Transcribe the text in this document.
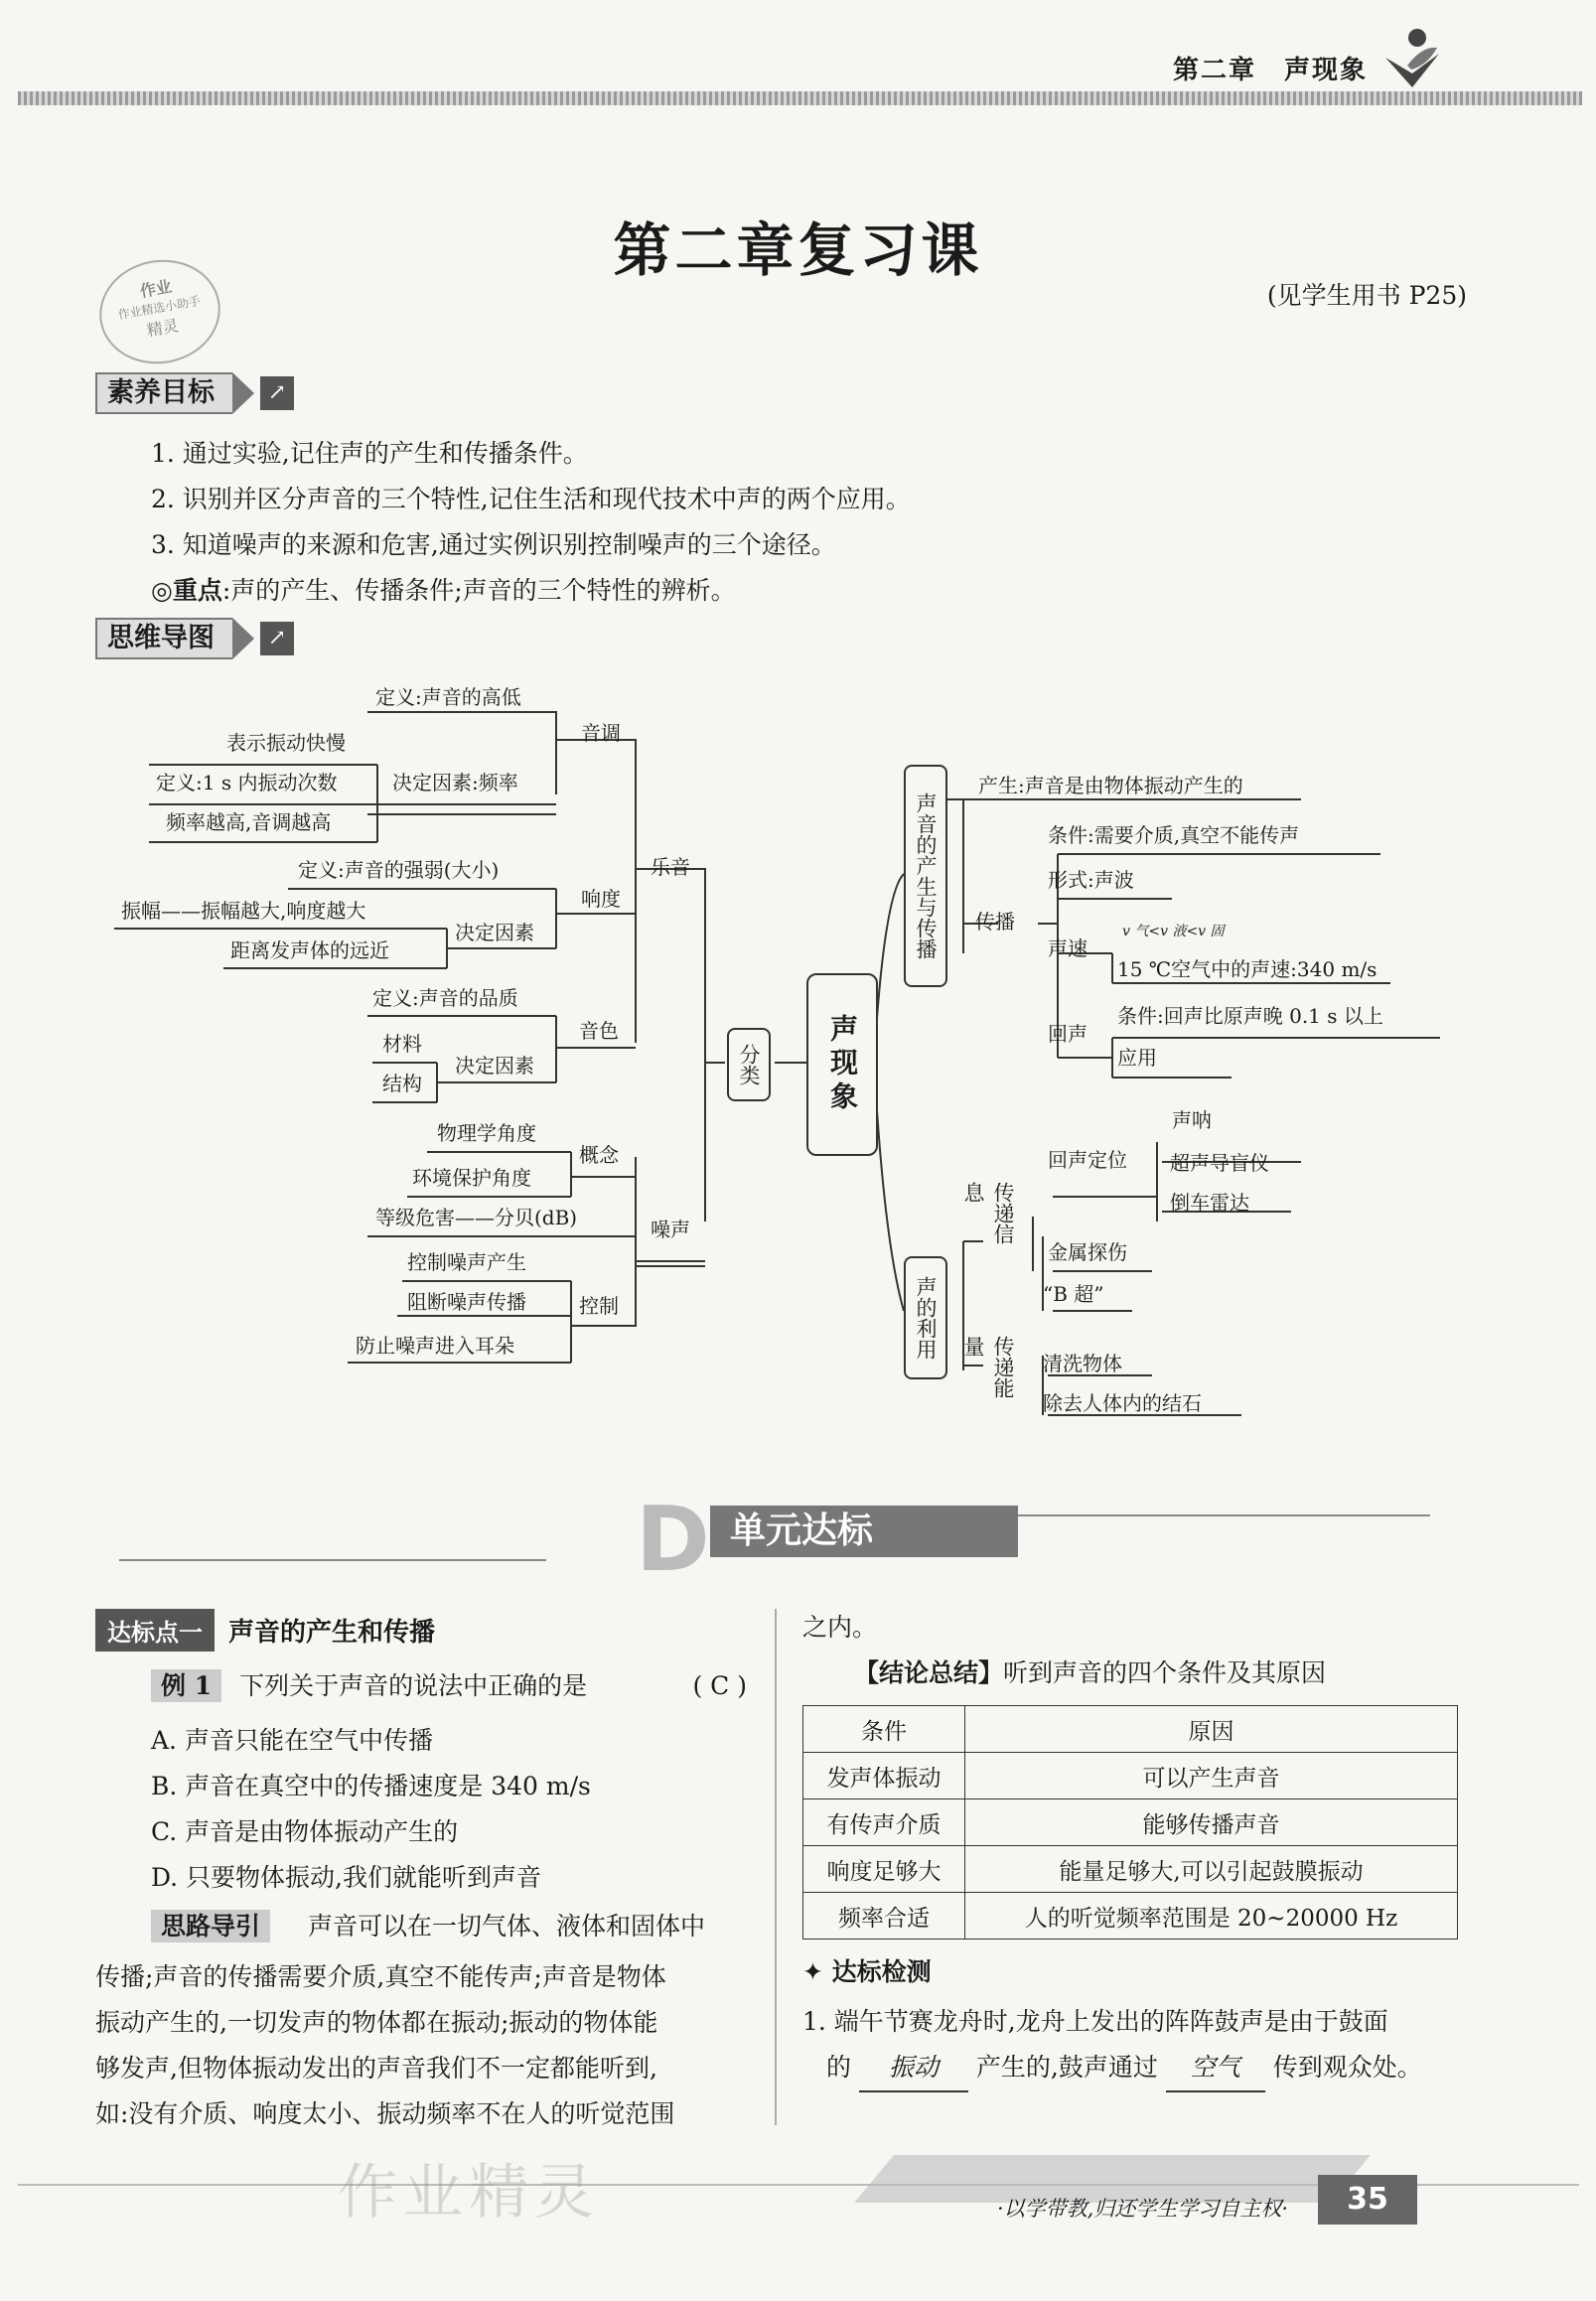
第二章　声现象
第二章复习课
(见学生用书 P25)
作业
作业精选小助手
精灵
素养目标	↗
1. 通过实验,记住声的产生和传播条件。
2. 识别并区分声音的三个特性,记住生活和现代技术中声的两个应用。
3. 知道噪声的来源和危害,通过实例识别控制噪声的三个途径。
◎重点:声的产生、传播条件;声音的三个特性的辨析。
思维导图	↗
定义:声音的高低
音调
表示振动快慢
定义:1 s 内振动次数	决定因素:频率
频率越高,音调越高
定义:声音的强弱(大小)	乐音
响度
振幅——振幅越大,响度越大
决定因素
距离发声体的远近
定义:声音的品质
音色
材料
决定因素
结构
物理学角度
概念
环境保护角度
等级危害——分贝(dB)	噪声
控制噪声产生
控制
阻断噪声传播
防止噪声进入耳朵
产生:声音是由物体振动产生的
条件:需要介质,真空不能传声
传播
形式:声波
声速
v 气<v 液<v 固
15 ℃空气中的声速:340 m/s
回声
条件:回声比原声晚 0.1 s 以上
应用
声呐
回声定位 超声导盲仪
倒车雷达
金属探伤
“B 超”
清洗物体
除去人体内的结石
声音的产生与传播
声的利用
分类
传递信息
传递能量
声现象
D 单元达标
达标点一	声音的产生和传播
例 1 下列关于声音的说法中正确的是	( C )
A. 声音只能在空气中传播
B. 声音在真空中的传播速度是 340 m/s
C. 声音是由物体振动产生的
D. 只要物体振动,我们就能听到声音
思路导引 声音可以在一切气体、液体和固体中
传播;声音的传播需要介质,真空不能传声;声音是物体
振动产生的,一切发声的物体都在振动;振动的物体能
够发声,但物体振动发出的声音我们不一定都能听到,
如:没有介质、响度太小、振动频率不在人的听觉范围
之内。
【结论总结】听到声音的四个条件及其原因
条件	原因
发声体振动	可以产生声音
有传声介质	能够传播声音
响度足够大	能量足够大,可以引起鼓膜振动
频率合适	人的听觉频率范围是 20~20000 Hz
✦ 达标检测
1. 端午节赛龙舟时,龙舟上发出的阵阵鼓声是由于鼓面
的 振动 产生的,鼓声通过 空气 传到观众处。
·以学带教,归还学生学习自主权·	35
作业精灵
